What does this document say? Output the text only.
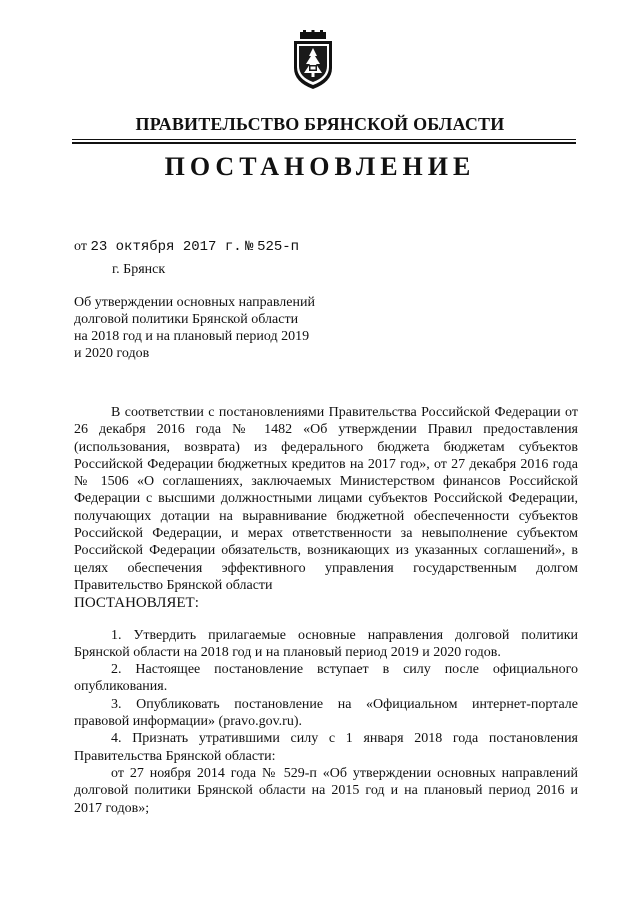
ПРАВИТЕЛЬСТВО БРЯНСКОЙ ОБЛАСТИ
ПОСТАНОВЛЕНИЕ
от 23 октября 2017 г. № 525-п
г. Брянск
Об утверждении основных направлений
долговой политики Брянской области
на 2018 год и на плановый период 2019
и 2020 годов

В соответствии с постановлениями Правительства Российской Федерации от 26 декабря 2016 года № 1482 «Об утверждении Правил предоставления (использования, возврата) из федерального бюджета бюджетам субъектов Российской Федерации бюджетных кредитов на 2017 год», от 27 декабря 2016 года № 1506 «О соглашениях, заключаемых Министерством финансов Российской Федерации с высшими должностными лицами субъектов Российской Федерации, получающих дотации на выравнивание бюджетной обеспеченности субъектов Российской Федерации, и мерах ответственности за невыполнение субъектом Российской Федерации обязательств, возникающих из указанных соглашений», в целях обеспечения эффективного управления государственным долгом Правительство Брянской области

ПОСТАНОВЛЯЕТ:

1. Утвердить прилагаемые основные направления долговой политики Брянской области на 2018 год и на плановый период 2019 и 2020 годов.

2. Настоящее постановление вступает в силу после официального опубликования.

3. Опубликовать постановление на «Официальном интернет-портале правовой информации» (pravo.gov.ru).

4. Признать утратившими силу с 1 января 2018 года постановления Правительства Брянской области:

от 27 ноября 2014 года № 529-п «Об утверждении основных направлений долговой политики Брянской области на 2015 год и на плановый период 2016 и 2017 годов»;
